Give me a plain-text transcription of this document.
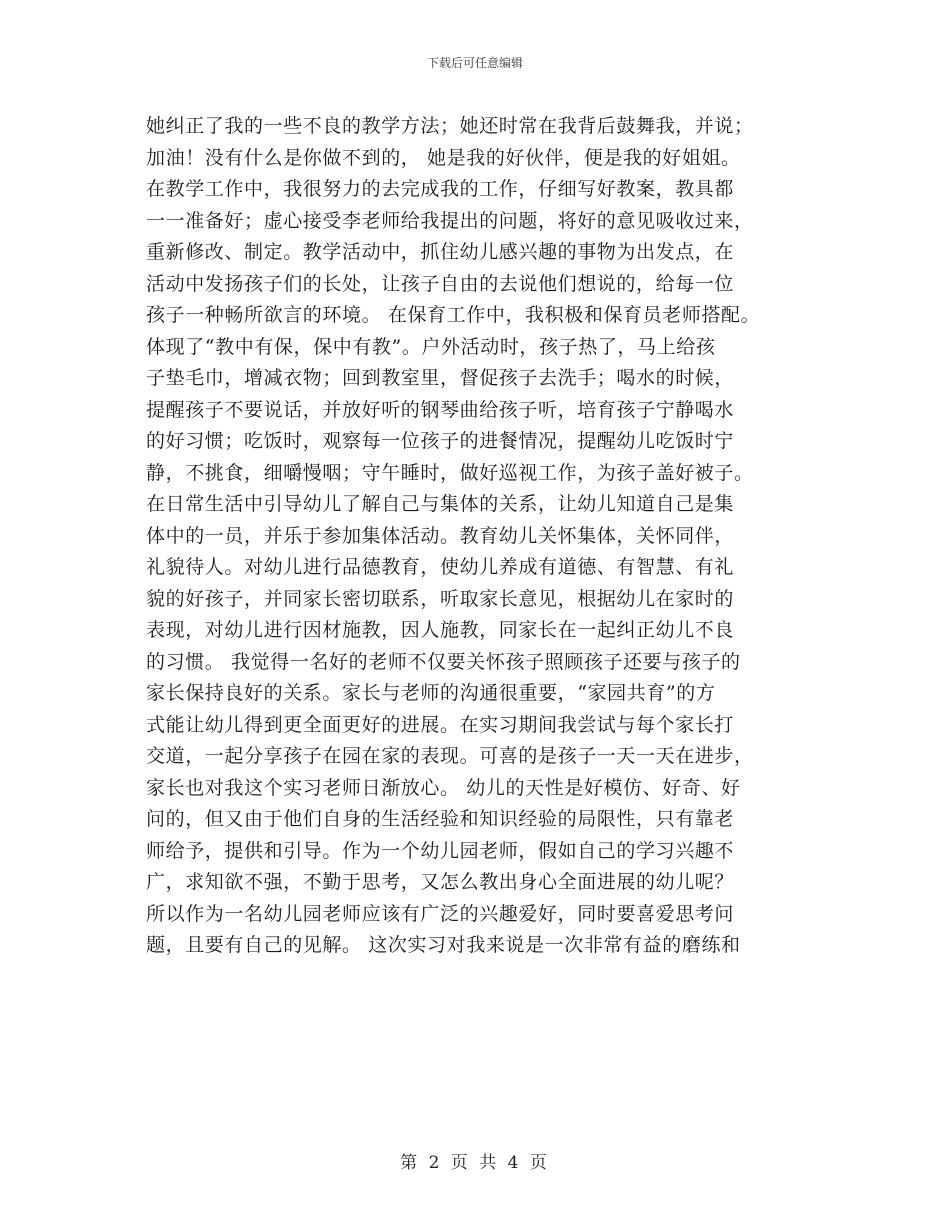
下载后可任意编辑
她纠正了我的一些不良的教学方法；她还时常在我背后鼓舞我，并说；
加油！没有什么是你做不到的， 她是我的好伙伴，便是我的好姐姐。
在教学工作中，我很努力的去完成我的工作，仔细写好教案，教具都
一一准备好；虚心接受李老师给我提出的问题，将好的意见吸收过来，
重新修改、制定。教学活动中，抓住幼儿感兴趣的事物为出发点，在
活动中发扬孩子们的长处，让孩子自由的去说他们想说的，给每一位
孩子一种畅所欲言的环境。 在保育工作中，我积极和保育员老师搭配。
体现了“教中有保，保中有教”。户外活动时，孩子热了，马上给孩
子垫毛巾，增减衣物；回到教室里，督促孩子去洗手；喝水的时候，
提醒孩子不要说话，并放好听的钢琴曲给孩子听，培育孩子宁静喝水
的好习惯；吃饭时，观察每一位孩子的进餐情况，提醒幼儿吃饭时宁
静，不挑食，细嚼慢咽；守午睡时，做好巡视工作，为孩子盖好被子。
在日常生活中引导幼儿了解自己与集体的关系，让幼儿知道自己是集
体中的一员，并乐于参加集体活动。教育幼儿关怀集体，关怀同伴，
礼貌待人。对幼儿进行品德教育，使幼儿养成有道德、有智慧、有礼
貌的好孩子，并同家长密切联系，听取家长意见，根据幼儿在家时的
表现，对幼儿进行因材施教，因人施教，同家长在一起纠正幼儿不良
的习惯。 我觉得一名好的老师不仅要关怀孩子照顾孩子还要与孩子的
家长保持良好的关系。家长与老师的沟通很重要，“家园共育”的方
式能让幼儿得到更全面更好的进展。在实习期间我尝试与每个家长打
交道，一起分享孩子在园在家的表现。可喜的是孩子一天一天在进步，
家长也对我这个实习老师日渐放心。 幼儿的天性是好模仿、好奇、好
问的，但又由于他们自身的生活经验和知识经验的局限性，只有靠老
师给予，提供和引导。作为一个幼儿园老师，假如自己的学习兴趣不
广，求知欲不强，不勤于思考，又怎么教出身心全面进展的幼儿呢？
所以作为一名幼儿园老师应该有广泛的兴趣爱好，同时要喜爱思考问
题，且要有自己的见解。 这次实习对我来说是一次非常有益的磨练和
第 2 页 共 4 页
